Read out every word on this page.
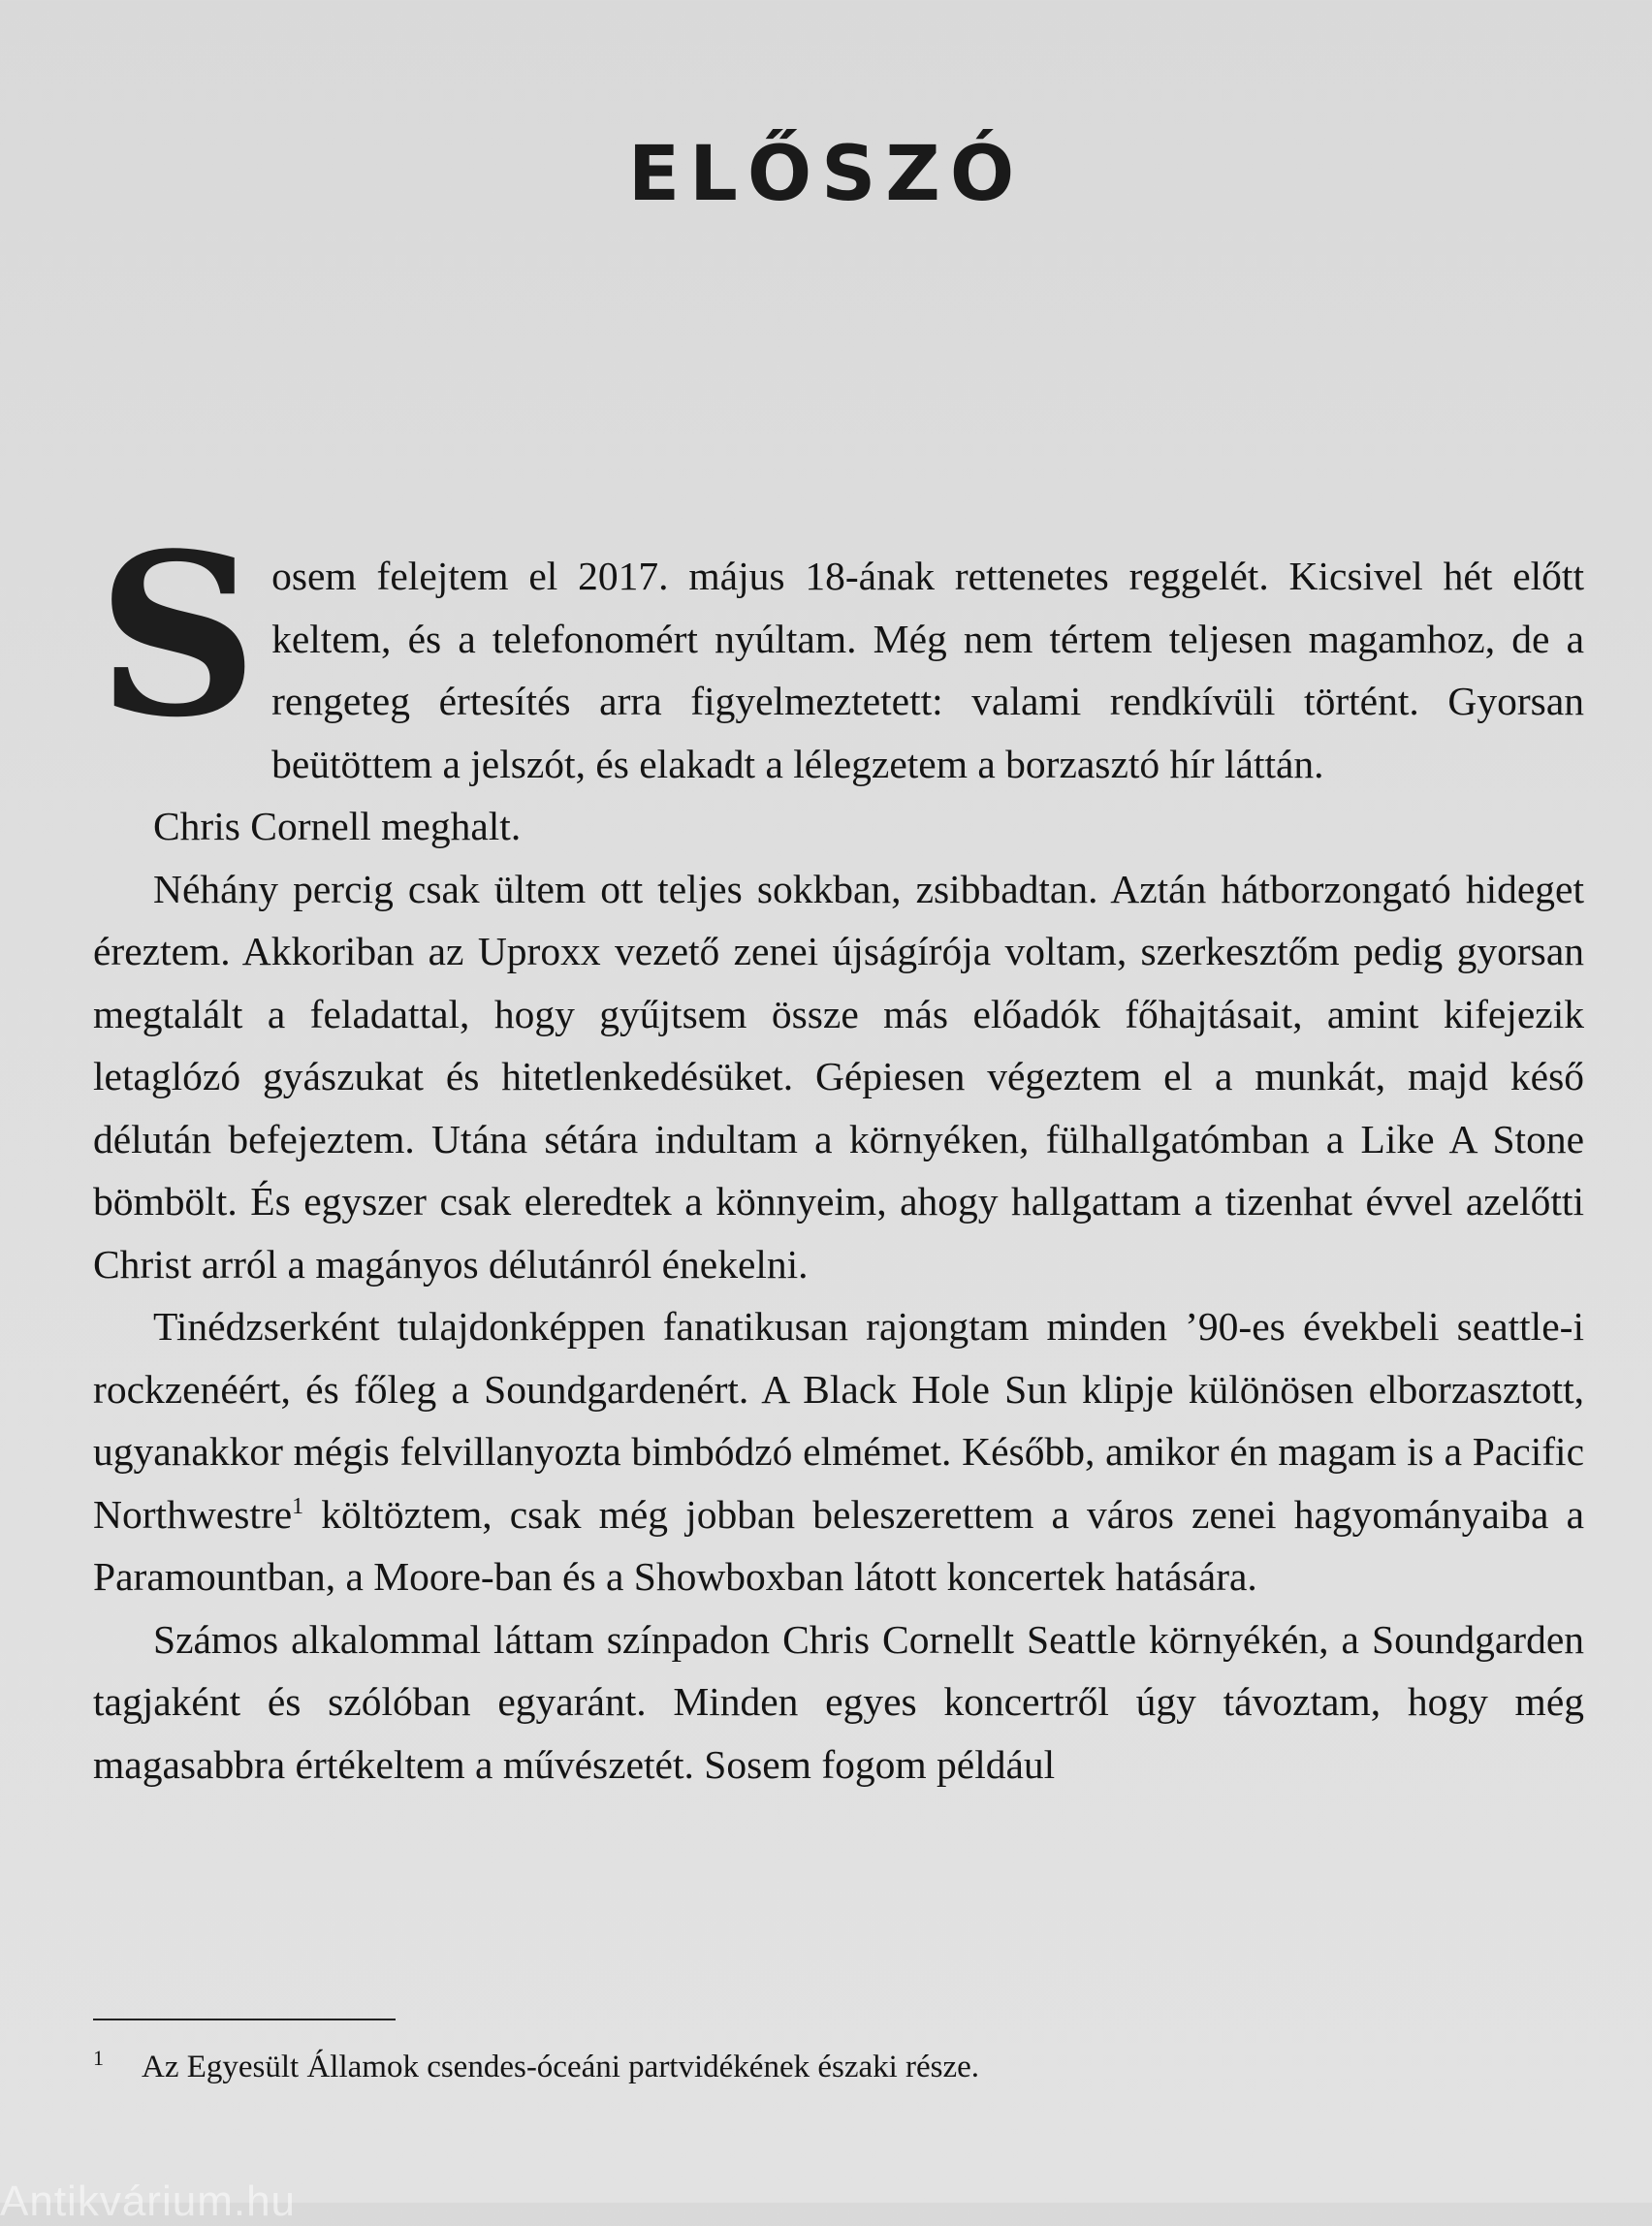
ELŐSZÓ

Sosem felejtem el 2017. május 18-ának rettenetes reggelét. Kicsivel hét előtt keltem, és a telefonomért nyúltam. Még nem tértem teljesen magamhoz, de a rengeteg értesítés arra figyelmeztetett: valami rendkívüli történt. Gyorsan beütöttem a jelszót, és elakadt a lélegzetem a borzasztó hír láttán.

Chris Cornell meghalt.

Néhány percig csak ültem ott teljes sokkban, zsibbadtan. Aztán hátborzongató hideget éreztem. Akkoriban az Uproxx vezető zenei újságírója voltam, szerkesztőm pedig gyorsan megtalált a feladattal, hogy gyűjtsem össze más előadók főhajtásait, amint kifejezik letaglózó gyászukat és hitetlenkedésüket. Gépiesen végeztem el a munkát, majd késő délután befejeztem. Utána sétára indultam a környéken, fülhallgatómban a Like A Stone bömbölt. És egyszer csak eleredtek a könnyeim, ahogy hallgattam a tizenhat évvel azelőtti Christ arról a magányos délutánról énekelni.

Tinédzserként tulajdonképpen fanatikusan rajongtam minden ’90-es évekbeli seattle-i rockzenéért, és főleg a Soundgardenért. A Black Hole Sun klipje különösen elborzasztott, ugyanakkor mégis felvillanyozta bimbódzó elmémet. Később, amikor én magam is a Pacific Northwestre$^1$ költöztem, csak még jobban beleszerettem a város zenei hagyományaiba a Paramountban, a Moore-ban és a Showboxban látott koncertek hatására.

Számos alkalommal láttam színpadon Chris Cornellt Seattle környékén, a Soundgarden tagjaként és szólóban egyaránt. Minden egyes koncertről úgy távoztam, hogy még magasabbra értékeltem a művészetét. Sosem fogom például

1 Az Egyesült Államok csendes-óceáni partvidékének északi része.
Antikvárium.hu
